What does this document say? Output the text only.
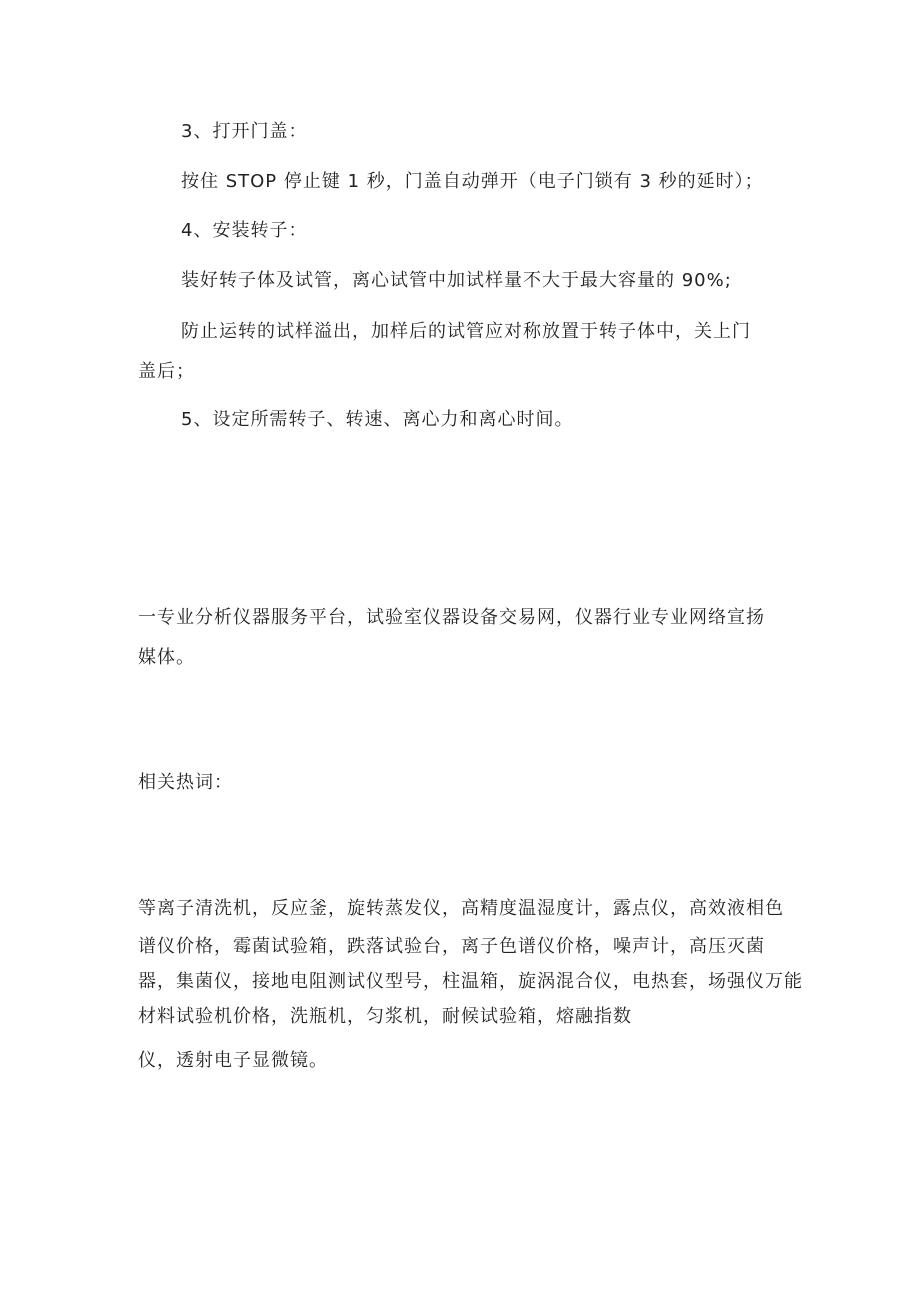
3、打开门盖：
按住 STOP 停止键 1 秒，门盖自动弹开（电子门锁有 3 秒的延时）；
4、安装转子：
装好转子体及试管，离心试管中加试样量不大于最大容量的 90%;
防止运转的试样溢出，加样后的试管应对称放置于转子体中，关上门
盖后；
5、设定所需转子、转速、离心力和离心时间。
一专业分析仪器服务平台，试验室仪器设备交易网，仪器行业专业网络宣扬
媒体。
相关热词：
等离子清洗机，反应釜，旋转蒸发仪，高精度温湿度计，露点仪，高效液相色
谱仪价格，霉菌试验箱，跌落试验台，离子色谱仪价格，噪声计，高压灭菌
器，集菌仪，接地电阻测试仪型号，柱温箱，旋涡混合仪，电热套，场强仪万能
材料试验机价格，洗瓶机，匀浆机，耐候试验箱，熔融指数
仪，透射电子显微镜。
